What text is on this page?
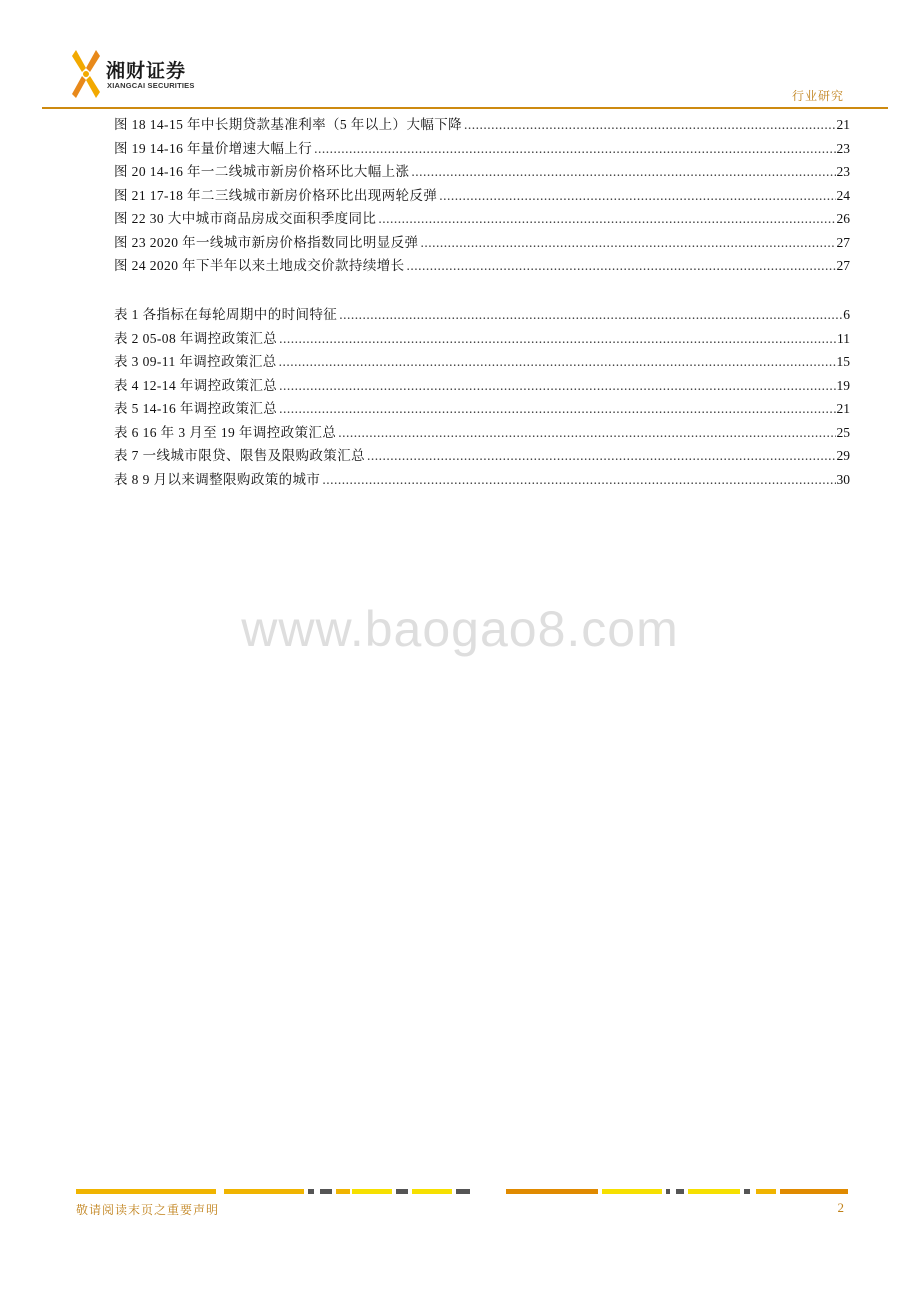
湘财证券
XIANGCAI SECURITIES
行业研究
图 18 14-15 年中长期贷款基准利率（5 年以上）大幅下降 .....	21
图 19 14-16 年量价增速大幅上行 .....	23
图 20 14-16 年一二线城市新房价格环比大幅上涨 .....	23
图 21 17-18 年二三线城市新房价格环比出现两轮反弹 .....	24
图 22 30 大中城市商品房成交面积季度同比 .....	26
图 23 2020 年一线城市新房价格指数同比明显反弹 .....	27
图 24 2020 年下半年以来土地成交价款持续增长 .....	27
表 1 各指标在每轮周期中的时间特征 .....	6
表 2 05-08 年调控政策汇总 .....	11
表 3 09-11 年调控政策汇总 .....	15
表 4 12-14 年调控政策汇总 .....	19
表 5 14-16 年调控政策汇总 .....	21
表 6 16 年 3 月至 19 年调控政策汇总 .....	25
表 7 一线城市限贷、限售及限购政策汇总 .....	29
表 8 9 月以来调整限购政策的城市 .....	30
www.baogao8.com
敬请阅读末页之重要声明	2
